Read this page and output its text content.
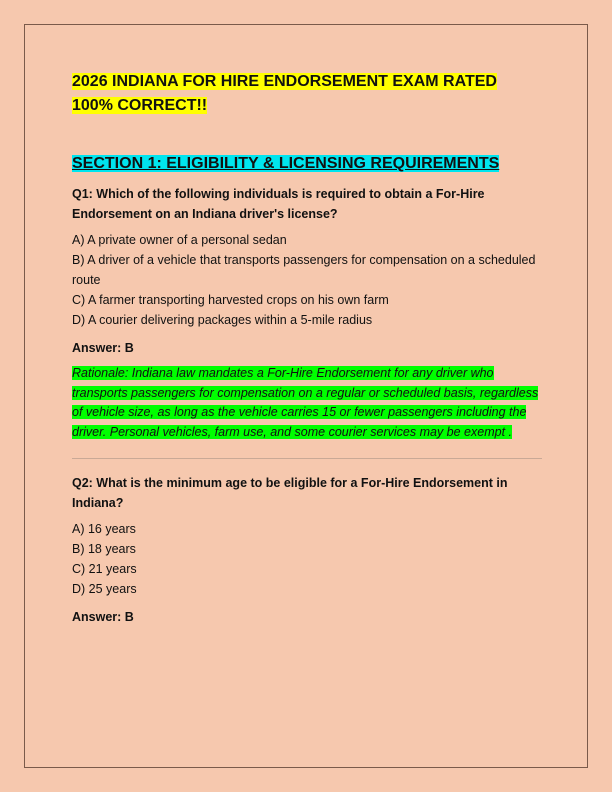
2026 INDIANA FOR HIRE ENDORSEMENT EXAM RATED 100% CORRECT!!

SECTION 1: ELIGIBILITY & LICENSING REQUIREMENTS

Q1: Which of the following individuals is required to obtain a For-Hire Endorsement on an Indiana driver's license?

A) A private owner of a personal sedan

B) A driver of a vehicle that transports passengers for compensation on a scheduled route

C) A farmer transporting harvested crops on his own farm

D) A courier delivering packages within a 5-mile radius

Answer: B

Rationale: Indiana law mandates a For-Hire Endorsement for any driver who transports passengers for compensation on a regular or scheduled basis, regardless of vehicle size, as long as the vehicle carries 15 or fewer passengers including the driver. Personal vehicles, farm use, and some courier services may be exempt .

Q2: What is the minimum age to be eligible for a For-Hire Endorsement in Indiana?

A) 16 years

B) 18 years

C) 21 years

D) 25 years

Answer: B
